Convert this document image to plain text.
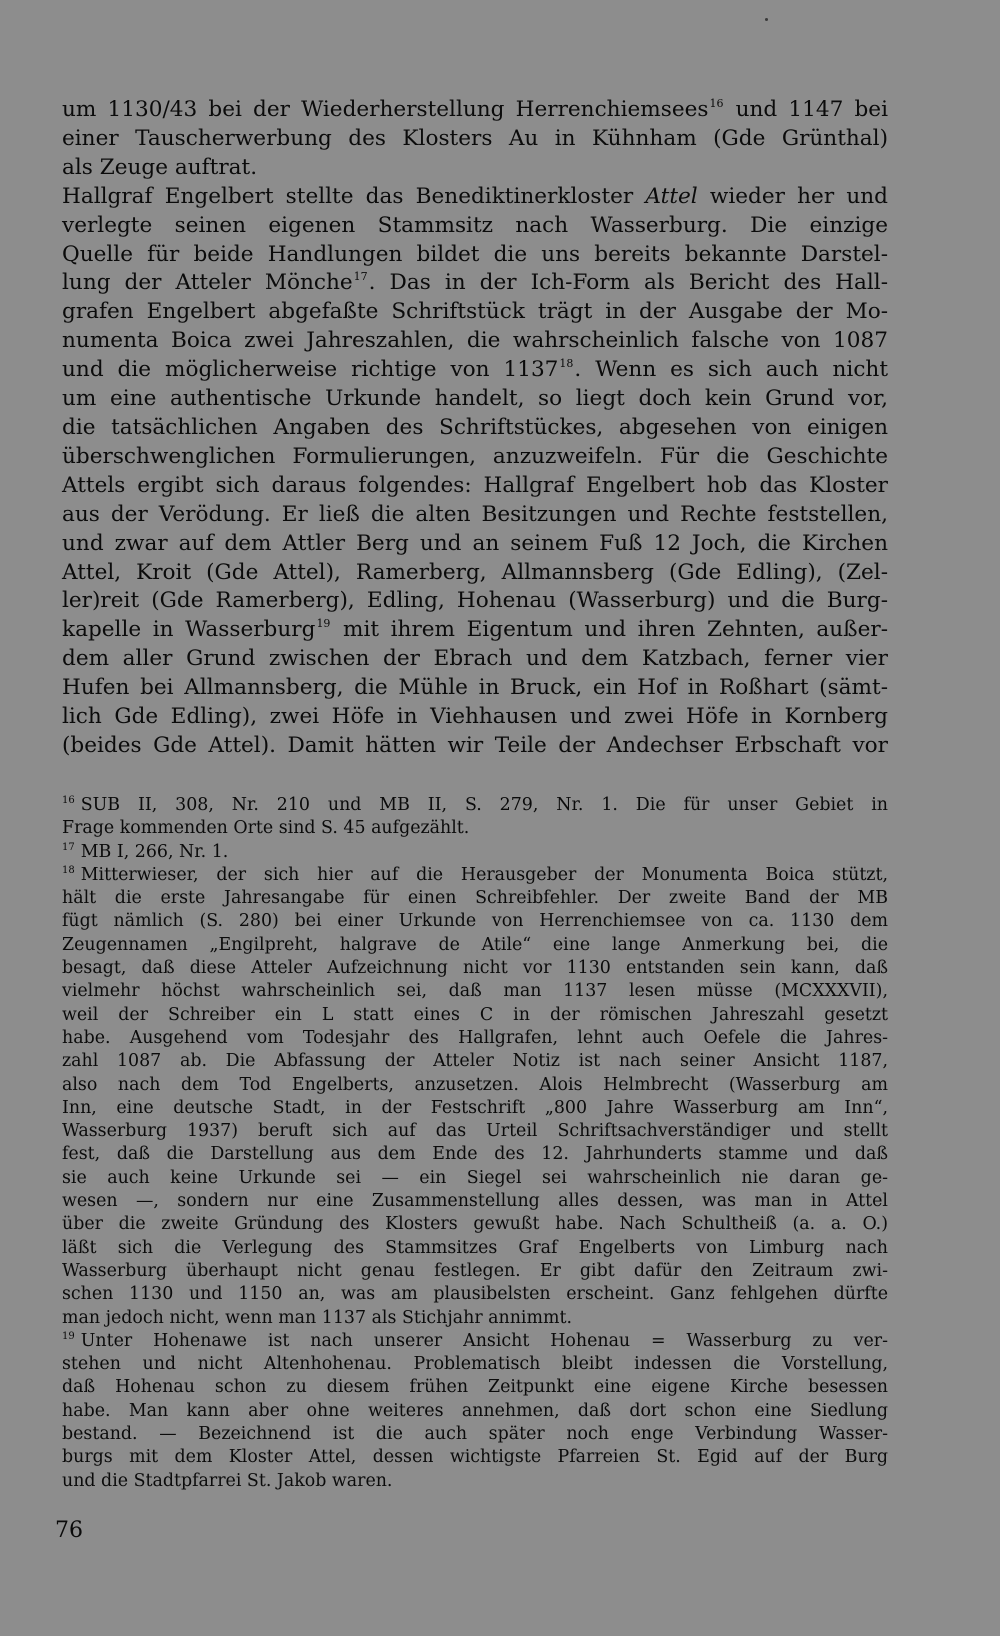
um 1130/43 bei der Wiederherstellung Herrenchiemsees$^{16}$ und 1147 bei
einer Tauscherwerbung des Klosters Au in Kühnham (Gde Grünthal)
als Zeuge auftrat.
Hallgraf Engelbert stellte das Benediktinerkloster Attel wieder her und
verlegte seinen eigenen Stammsitz nach Wasserburg. Die einzige
Quelle für beide Handlungen bildet die uns bereits bekannte Darstel-
lung der Atteler Mönche$^{17}$. Das in der Ich-Form als Bericht des Hall-
grafen Engelbert abgefaßte Schriftstück trägt in der Ausgabe der Mo-
numenta Boica zwei Jahreszahlen, die wahrscheinlich falsche von 1087
und die möglicherweise richtige von 1137$^{18}$. Wenn es sich auch nicht
um eine authentische Urkunde handelt, so liegt doch kein Grund vor,
die tatsächlichen Angaben des Schriftstückes, abgesehen von einigen
überschwenglichen Formulierungen, anzuzweifeln. Für die Geschichte
Attels ergibt sich daraus folgendes: Hallgraf Engelbert hob das Kloster
aus der Verödung. Er ließ die alten Besitzungen und Rechte feststellen,
und zwar auf dem Attler Berg und an seinem Fuß 12 Joch, die Kirchen
Attel, Kroit (Gde Attel), Ramerberg, Allmannsberg (Gde Edling), (Zel-
ler)reit (Gde Ramerberg), Edling, Hohenau (Wasserburg) und die Burg-
kapelle in Wasserburg$^{19}$ mit ihrem Eigentum und ihren Zehnten, außer-
dem aller Grund zwischen der Ebrach und dem Katzbach, ferner vier
Hufen bei Allmannsberg, die Mühle in Bruck, ein Hof in Roßhart (sämt-
lich Gde Edling), zwei Höfe in Viehhausen und zwei Höfe in Kornberg
(beides Gde Attel). Damit hätten wir Teile der Andechser Erbschaft vor
$^{16}$ SUB II, 308, Nr. 210 und MB II, S. 279, Nr. 1. Die für unser Gebiet in
Frage kommenden Orte sind S. 45 aufgezählt.
$^{17}$ MB I, 266, Nr. 1.
$^{18}$ Mitterwieser, der sich hier auf die Herausgeber der Monumenta Boica stützt,
hält die erste Jahresangabe für einen Schreibfehler. Der zweite Band der MB
fügt nämlich (S. 280) bei einer Urkunde von Herrenchiemsee von ca. 1130 dem
Zeugennamen „Engilpreht, halgrave de Atile“ eine lange Anmerkung bei, die
besagt, daß diese Atteler Aufzeichnung nicht vor 1130 entstanden sein kann, daß
vielmehr höchst wahrscheinlich sei, daß man 1137 lesen müsse (MCXXXVII),
weil der Schreiber ein L statt eines C in der römischen Jahreszahl gesetzt
habe. Ausgehend vom Todesjahr des Hallgrafen, lehnt auch Oefele die Jahres-
zahl 1087 ab. Die Abfassung der Atteler Notiz ist nach seiner Ansicht 1187,
also nach dem Tod Engelberts, anzusetzen. Alois Helmbrecht (Wasserburg am
Inn, eine deutsche Stadt, in der Festschrift „800 Jahre Wasserburg am Inn“,
Wasserburg 1937) beruft sich auf das Urteil Schriftsachverständiger und stellt
fest, daß die Darstellung aus dem Ende des 12. Jahrhunderts stamme und daß
sie auch keine Urkunde sei — ein Siegel sei wahrscheinlich nie daran ge-
wesen —, sondern nur eine Zusammenstellung alles dessen, was man in Attel
über die zweite Gründung des Klosters gewußt habe. Nach Schultheiß (a. a. O.)
läßt sich die Verlegung des Stammsitzes Graf Engelberts von Limburg nach
Wasserburg überhaupt nicht genau festlegen. Er gibt dafür den Zeitraum zwi-
schen 1130 und 1150 an, was am plausibelsten erscheint. Ganz fehlgehen dürfte
man jedoch nicht, wenn man 1137 als Stichjahr annimmt.
$^{19}$ Unter Hohenawe ist nach unserer Ansicht Hohenau = Wasserburg zu ver-
stehen und nicht Altenhohenau. Problematisch bleibt indessen die Vorstellung,
daß Hohenau schon zu diesem frühen Zeitpunkt eine eigene Kirche besessen
habe. Man kann aber ohne weiteres annehmen, daß dort schon eine Siedlung
bestand. — Bezeichnend ist die auch später noch enge Verbindung Wasser-
burgs mit dem Kloster Attel, dessen wichtigste Pfarreien St. Egid auf der Burg
und die Stadtpfarrei St. Jakob waren.
76
